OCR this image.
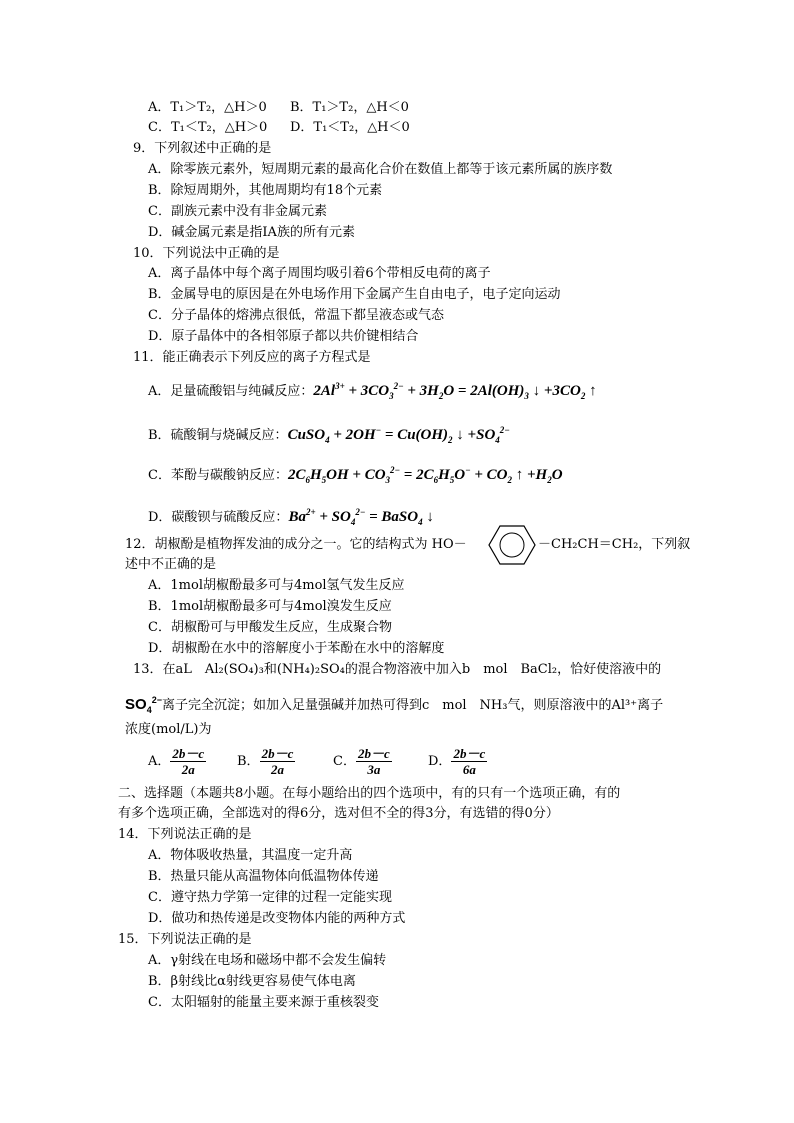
A．T₁＞T₂，△H＞0 B．T₁＞T₂，△H＜0
C．T₁＜T₂，△H＞0 D．T₁＜T₂，△H＜0
9．下列叙述中正确的是
A．除零族元素外，短周期元素的最高化合价在数值上都等于该元素所属的族序数
B．除短周期外，其他周期均有18个元素
C．副族元素中没有非金属元素
D．碱金属元素是指ⅠA族的所有元素
10．下列说法中正确的是
A．离子晶体中每个离子周围均吸引着6个带相反电荷的离子
B．金属导电的原因是在外电场作用下金属产生自由电子，电子定向运动
C．分子晶体的熔沸点很低，常温下都呈液态或气态
D．原子晶体中的各相邻原子都以共价键相结合
11．能正确表示下列反应的离子方程式是
A．足量硫酸铝与纯碱反应：$2Al^{3+} + 3CO_3^{2-} + 3H_2O = 2Al(OH)_3$ ↓ $+3CO_2$ ↑
B．硫酸铜与烧碱反应：CuSO$_4$ + $2OH^- = Cu(OH)_2$ ↓ $+SO_4^{2-}$
C．苯酚与碳酸钠反应：$2C_6H_5OH + CO_3^{2-} = 2C_6H_5O^- + CO_2$ ↑ $+H_2O$
D．碳酸钡与硫酸反应：$Ba^{2+} + SO_4^{2-}$ = BaSO$_4$ ↓
12．胡椒酚是植物挥发油的成分之一。它的结构式为 HO－	－CH₂CH＝CH₂，下列叙
述中不正确的是
A．1mol胡椒酚最多可与4mol氢气发生反应
B．1mol胡椒酚最多可与4mol溴发生反应
C．胡椒酚可与甲酸发生反应，生成聚合物
D．胡椒酚在水中的溶解度小于苯酚在水中的溶解度
13．在aL　Al₂(SO₄)₃和(NH₄)₂SO₄的混合物溶液中加入b　mol　BaCl₂，恰好使溶液中的
$SO_4^{2-}$离子完全沉淀；如加入足量强碱并加热可得到c　mol　NH₃气，则原溶液中的Al³⁺离子
浓度(mol/L)为
A． $\frac{2b-c}{2a}$ B． $\frac{2b-c}{2a}$	C． $\frac{2b-c}{3a}$	D． $\frac{2b-c}{6a}$
二、选择题（本题共8小题。在每小题给出的四个选项中，有的只有一个选项正确，有的
有多个选项正确，全部选对的得6分，选对但不全的得3分，有选错的得0分）
14．下列说法正确的是
A．物体吸收热量，其温度一定升高
B．热量只能从高温物体向低温物体传递
C．遵守热力学第一定律的过程一定能实现
D．做功和热传递是改变物体内能的两种方式
15．下列说法正确的是
A．γ射线在电场和磁场中都不会发生偏转
B．β射线比α射线更容易使气体电离
C．太阳辐射的能量主要来源于重核裂变
